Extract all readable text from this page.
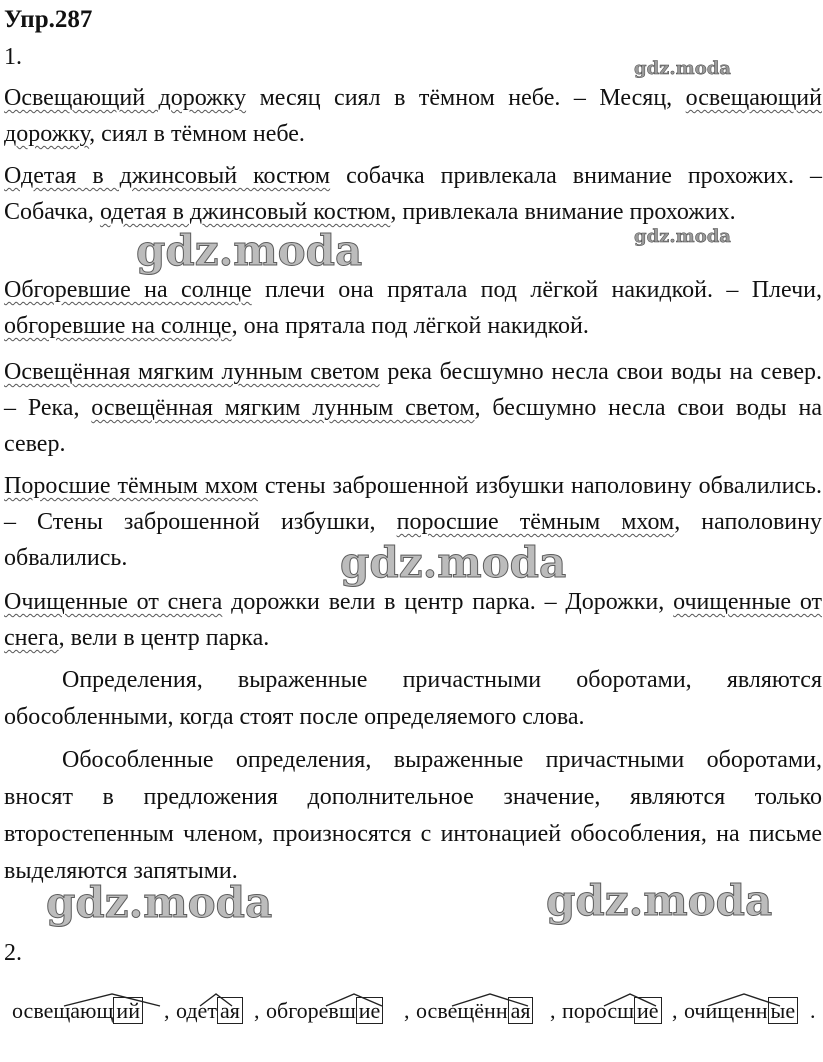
Упр.287
1.

Освещающий дорожку месяц сиял в тёмном небе. – Месяц, освещающий дорожку, сиял в тёмном небе.

Одетая в джинсовый костюм собачка привлекала внимание прохожих. – Собачка, одетая в джинсовый костюм, привлекала внимание прохожих.

Обгоревшие на солнце плечи она прятала под лёгкой накидкой. – Плечи, обгоревшие на солнце, она прятала под лёгкой накидкой.

Освещённая мягким лунным светом река бесшумно несла свои воды на север. – Река, освещённая мягким лунным светом, бесшумно несла свои воды на север.

Поросшие тёмным мхом стены заброшенной избушки наполовину обвалились. – Стены заброшенной избушки, поросшие тёмным мхом, наполовину обвалились.

Очищенные от снега дорожки вели в центр парка. – Дорожки, очищенные от снега, вели в центр парка.

Определения, выраженные причастными оборотами, являются обособленными, когда стоят после определяемого слова.

Обособленные определения, выраженные причастными оборотами, вносят в предложения дополнительное значение, являются только второстепенным членом, произносятся с интонацией обособления, на письме выделяются запятыми.

gdz.moda
gdz.moda	gdz.moda
gdz.moda
gdz.moda	gdz.moda
2.
освещающ ий , одет ая , обгоревш ие , освещённ ая , поросш ие , очищенн ые .
